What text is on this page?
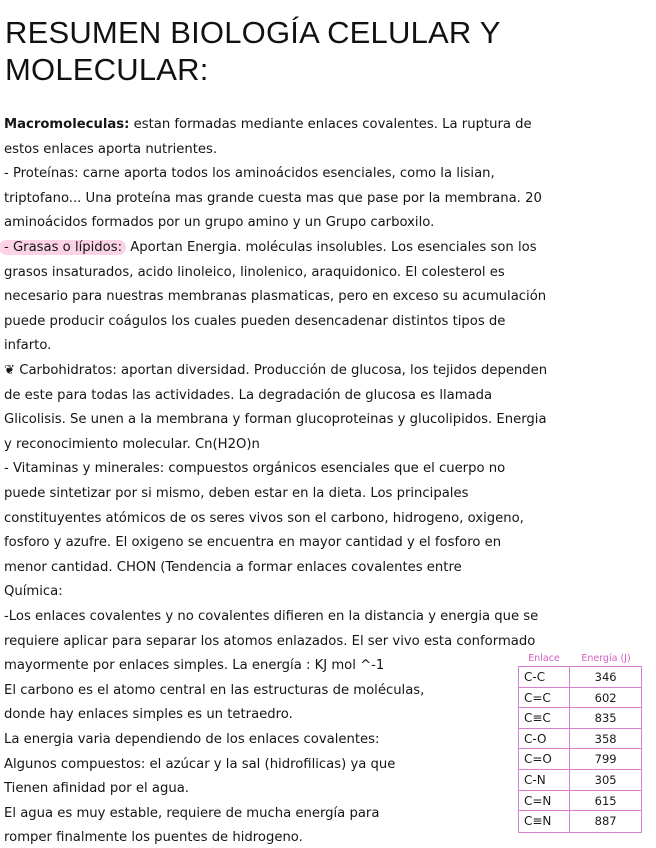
RESUMEN BIOLOGÍA CELULAR Y
MOLECULAR:
Macromoleculas: estan formadas mediante enlaces covalentes. La ruptura de
estos enlaces aporta nutrientes.
- Proteínas: carne aporta todos los aminoácidos esenciales, como la lisian,
triptofano... Una proteína mas grande cuesta mas que pase por la membrana. 20
aminoácidos formados por un grupo amino y un Grupo carboxilo.
- Grasas o lípidos: Aportan Energia. moléculas insolubles. Los esenciales son los
grasos insaturados, acido linoleico, linolenico, araquidonico. El colesterol es
necesario para nuestras membranas plasmaticas, pero en exceso su acumulación
puede producir coágulos los cuales pueden desencadenar distintos tipos de
infarto.
❦ Carbohidratos: aportan diversidad. Producción de glucosa, los tejidos dependen
de este para todas las actividades. La degradación de glucosa es llamada
Glicolisis. Se unen a la membrana y forman glucoproteinas y glucolipidos. Energia
y reconocimiento molecular. Cn(H2O)n
- Vitaminas y minerales: compuestos orgánicos esenciales que el cuerpo no
puede sintetizar por si mismo, deben estar en la dieta. Los principales
constituyentes atómicos de os seres vivos son el carbono, hidrogeno, oxigeno,
fosforo y azufre. El oxigeno se encuentra en mayor cantidad y el fosforo en
menor cantidad. CHON (Tendencia a formar enlaces covalentes entre
Química:
-Los enlaces covalentes y no covalentes difieren en la distancia y energia que se
requiere aplicar para separar los atomos enlazados. El ser vivo esta conformado
mayormente por enlaces simples. La energía : KJ mol ^-1
El carbono es el atomo central en las estructuras de moléculas,
donde hay enlaces simples es un tetraedro.
La energia varia dependiendo de los enlaces covalentes:
Algunos compuestos: el azúcar y la sal (hidrofilicas) ya que
Tienen afinidad por el agua.
El agua es muy estable, requiere de mucha energía para
romper finalmente los puentes de hidrogeno.
Enlace	Energía (J)
C-C	346
C=C	602
C≡C	835
C-O	358
C=O	799
C-N	305
C=N	615
C≡N	887
